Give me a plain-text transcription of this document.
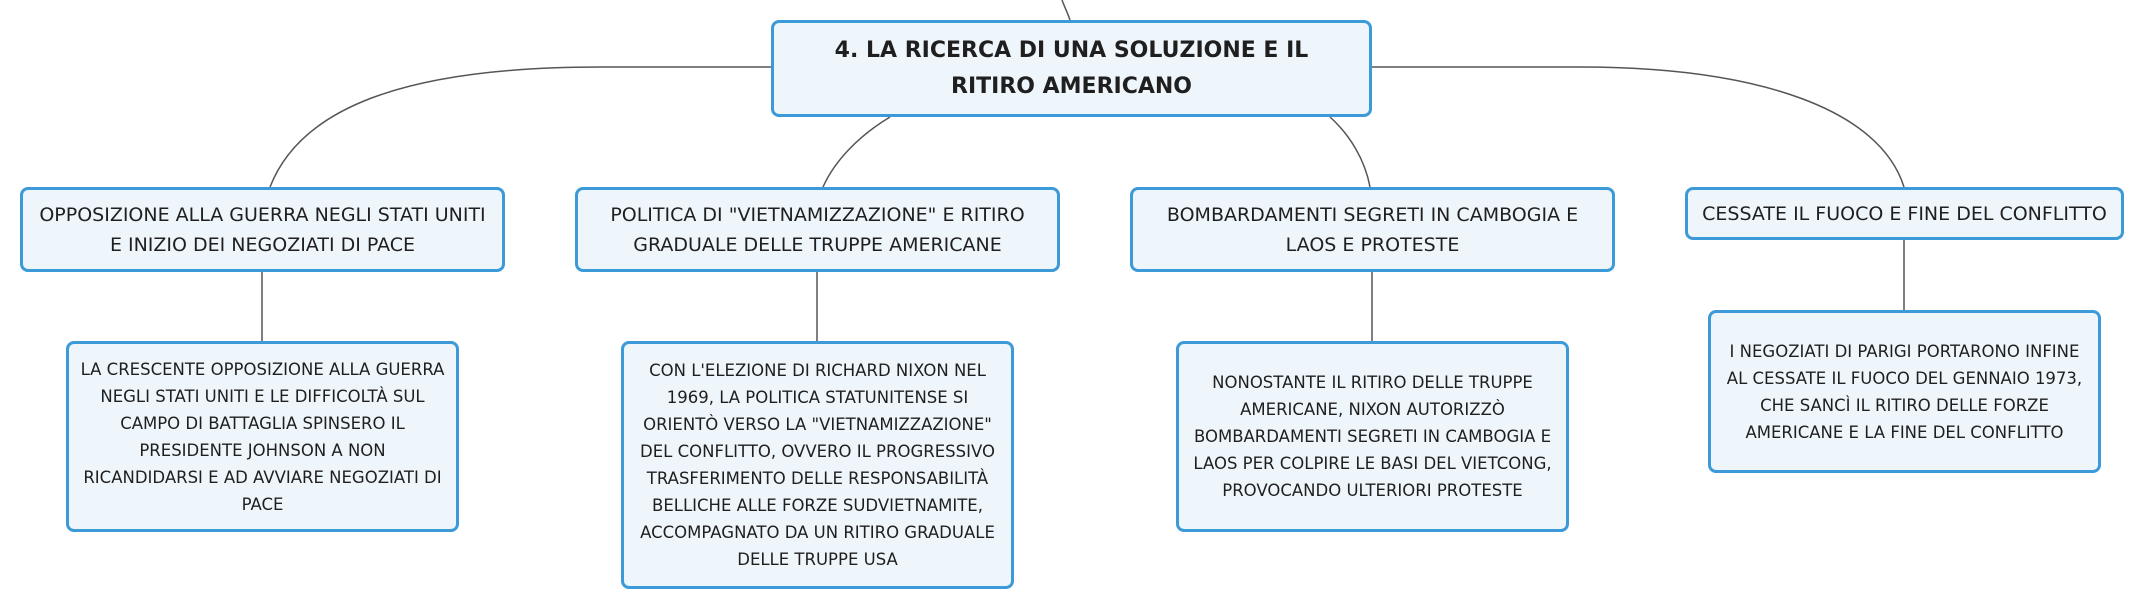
4. LA RICERCA DI UNA SOLUZIONE E IL RITIRO AMERICANO
OPPOSIZIONE ALLA GUERRA NEGLI STATI UNITI E INIZIO DEI NEGOZIATI DI PACE
POLITICA DI "VIETNAMIZZAZIONE" E RITIRO GRADUALE DELLE TRUPPE AMERICANE
BOMBARDAMENTI SEGRETI IN CAMBOGIA E LAOS E PROTESTE
CESSATE IL FUOCO E FINE DEL CONFLITTO
LA CRESCENTE OPPOSIZIONE ALLA GUERRA NEGLI STATI UNITI E LE DIFFICOLTÀ SUL CAMPO DI BATTAGLIA SPINSERO IL PRESIDENTE JOHNSON A NON RICANDIDARSI E AD AVVIARE NEGOZIATI DI PACE
CON L'ELEZIONE DI RICHARD NIXON NEL 1969, LA POLITICA STATUNITENSE SI ORIENTÒ VERSO LA "VIETNAMIZZAZIONE" DEL CONFLITTO, OVVERO IL PROGRESSIVO TRASFERIMENTO DELLE RESPONSABILITÀ BELLICHE ALLE FORZE SUDVIETNAMITE, ACCOMPAGNATO DA UN RITIRO GRADUALE DELLE TRUPPE USA
NONOSTANTE IL RITIRO DELLE TRUPPE AMERICANE, NIXON AUTORIZZÒ BOMBARDAMENTI SEGRETI IN CAMBOGIA E LAOS PER COLPIRE LE BASI DEL VIETCONG, PROVOCANDO ULTERIORI PROTESTE
I NEGOZIATI DI PARIGI PORTARONO INFINE AL CESSATE IL FUOCO DEL GENNAIO 1973, CHE SANCÌ IL RITIRO DELLE FORZE AMERICANE E LA FINE DEL CONFLITTO
